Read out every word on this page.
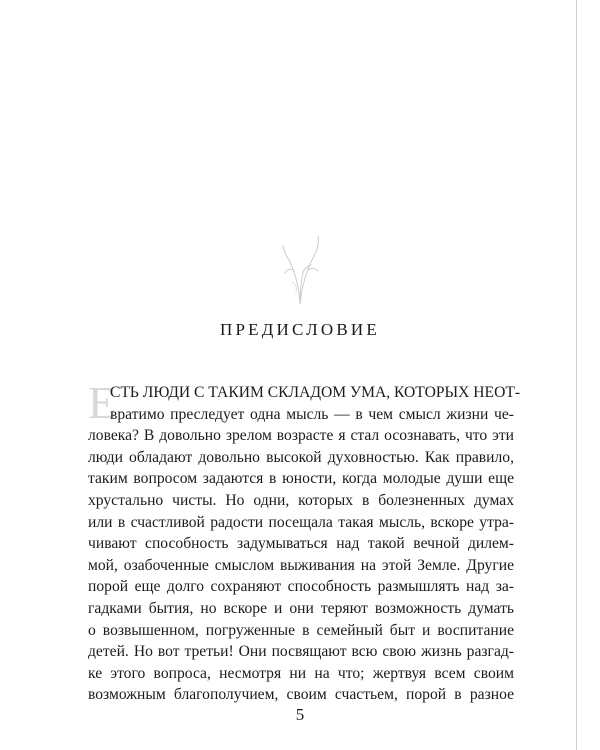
ПРЕДИСЛОВИЕ
Е
СТЬ ЛЮДИ С ТАКИМ СКЛАДОМ УМА, КОТОРЫХ НЕОТ-
вратимо преследует одна мысль — в чем смысл жизни че-
ловека? В довольно зрелом возрасте я стал осознавать, что эти
люди обладают довольно высокой духовностью. Как правило,
таким вопросом задаются в юности, когда молодые души еще
хрустально чисты. Но одни, которых в болезненных думах
или в счастливой радости посещала такая мысль, вскоре утра-
чивают способность задумываться над такой вечной дилем-
мой, озабоченные смыслом выживания на этой Земле. Другие
порой еще долго сохраняют способность размышлять над за-
гадками бытия, но вскоре и они теряют возможность думать
о возвышенном, погруженные в семейный быт и воспитание
детей. Но вот третьи! Они посвящают всю свою жизнь разгад-
ке этого вопроса, несмотря ни на что; жертвуя всем своим
возможным благополучием, своим счастьем, порой в разное
5
